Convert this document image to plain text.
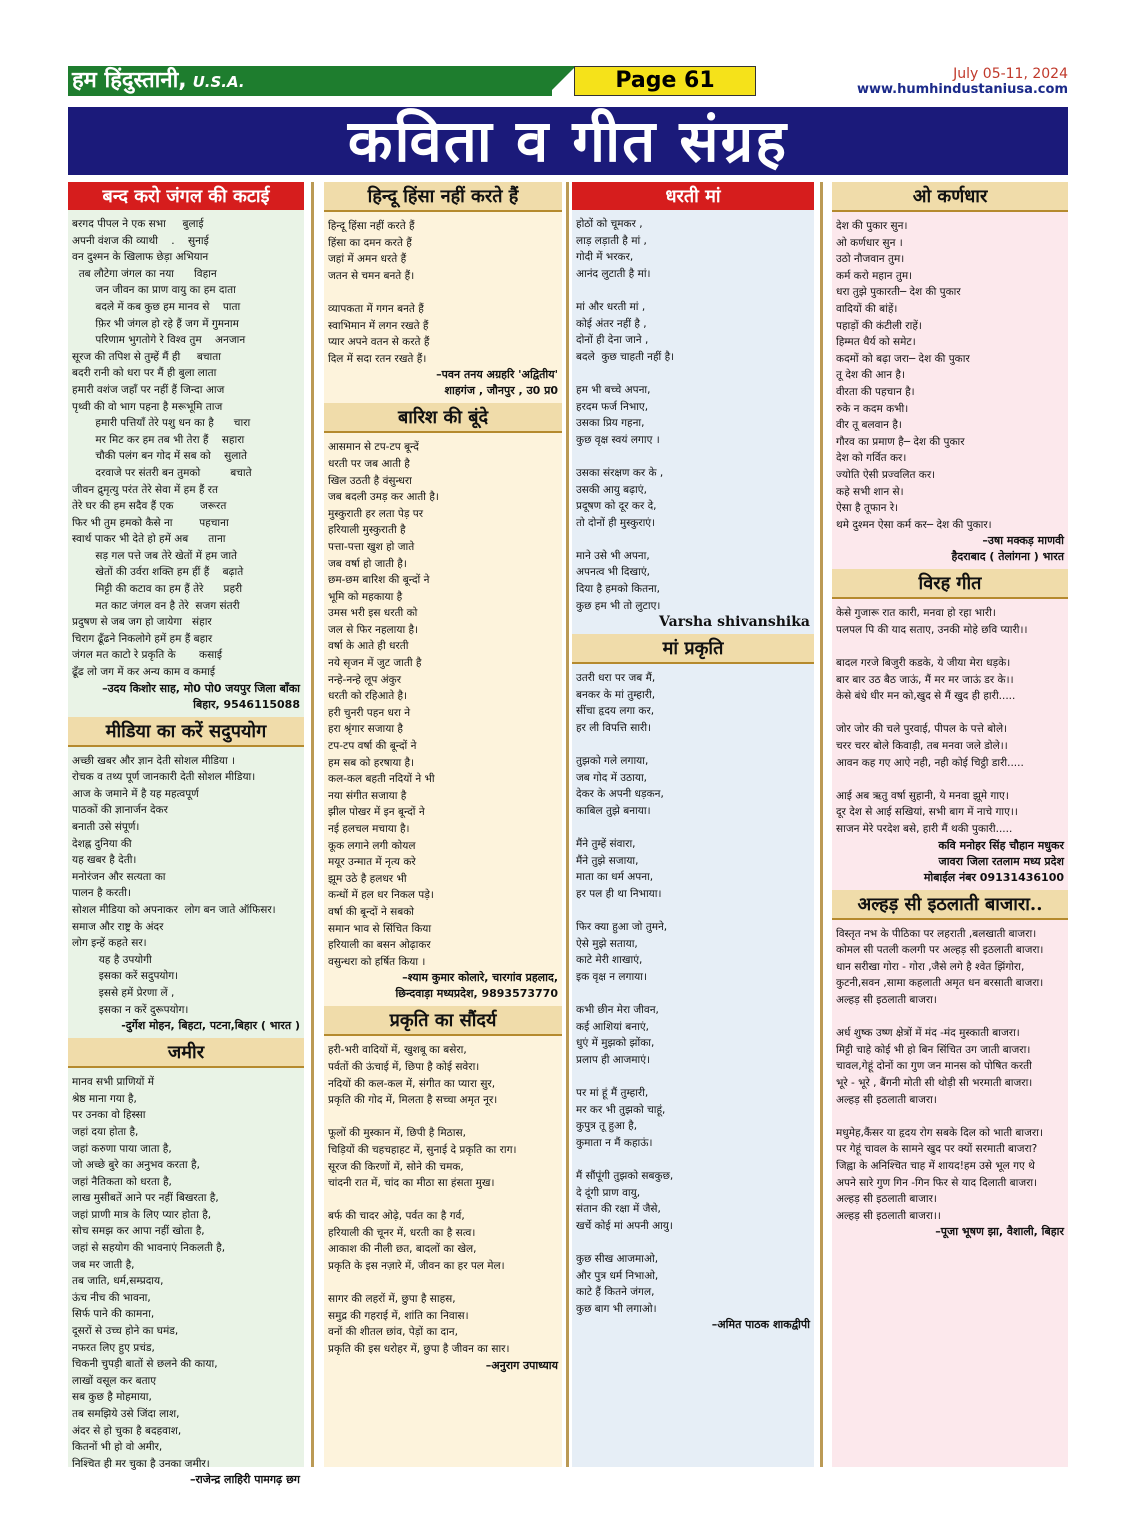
हम हिंदुस्तानी, U.S.A.	Page 61	July 05-11, 2024
www.humhindustaniusa.com
कविता व गीत संग्रह
बन्द करो जंगल की कटाई
बरगद पीपल ने एक सभा     बुलाई
अपनी वंशज की व्याथी    .    सुनाई
वन दुश्मन के खिलाफ छेड़ा अभियान
तब लौटेगा जंगल का नया      विहान
जन जीवन का प्राण वायु का हम दाता
बदले में कब कुछ हम मानव से    पाता
फ़िर भी जंगल हो रहे हैं जग में गुमनाम
परिणाम भुगतोगे रे विश्व तुम    अनजान
सूरज की तपिश से तुम्हें मैं ही     बचाता
बदरी रानी को धरा पर मैं ही बुला लाता
हमारी वशंज जहाँ पर नहीं हैं जिन्दा आज
पृथ्वी की वो भाग पहना है मरूभूमि ताज
हमारी पत्तियाँ तेरे पशु धन का है      चारा
मर मिट कर हम तब भी तेरा हैं    सहारा
चौकी पलंग बन गोद में सब को    सुलाते
दरवाजे पर संतरी बन तुमको         बचाते
जीवन द्रुमृत्यु परंत तेरे सेवा में हम हैं रत
तेरे घर की हम सदैव हैं एक        जरूरत
फिर भी तुम हमको कैसे ना        पहचाना
स्वार्थ पाकर भी देते हो हमें अब      ताना
सड़ गल पत्ते जब तेरे खेतों में हम जाते
खेतों की उर्वरा शक्ति हम हीं हैं    बढ़ाते
मिट्टी की कटाव का हम हैं तेरे      प्रहरी
मत काट जंगल वन है तेरे  सजग संतरी
प्रदुषण से जब जग हो जायेगा   संहार
चिराग ढूँढने निकलोगे हमें हम हैं बहार
जंगल मत काटो रे प्रकृति के       कसाई
ढूँढ लो जग में कर अन्य काम व कमाई
–उदय किशोर साह, मो0 पो0 जयपुर जिला बाँका बिहार, 9546115088
मीडिया का करें सदुपयोग
अच्छी खबर और ज्ञान देती सोशल मीडिया ।
रोचक व तथ्य पूर्ण जानकारी देती सोशल मीडिया।
आज के जमाने में है यह महत्वपूर्ण
पाठकों की ज्ञानार्जन देकर
बनाती उसे संपूर्ण।
देशह्न दुनिया की
यह खबर है देती।
मनोरंजन और सत्यता का
पालन है करती।
सोशल मीडिया को अपनाकर  लोग बन जाते ऑफिसर।
समाज और राष्ट्र के अंदर
लोग इन्हें कहते सर।
यह है उपयोगी
इसका करें सदुपयोग।
इससे हमें प्रेरणा लें ,
इसका न करें दुरूपयोग।
-दुर्गेश मोहन, बिहटा, पटना,बिहार ( भारत )
जमीर
मानव सभी प्राणियों में
श्रेष्ठ माना गया है,
पर उनका वो हिस्सा
जहां दया होता है,
जहां करुणा पाया जाता है,
जो अच्छे बुरे का अनुभव करता है,
जहां नैतिकता को धरता है,
लाख मुसीबतें आने पर नहीं बिखरता है,
जहां प्राणी मात्र के लिए प्यार होता है,
सोच समझ कर आपा नहीं खोता है,
जहां से सहयोग की भावनाएं निकलती है,
जब मर जाती है,
तब जाति, धर्म,सम्प्रदाय,
ऊंच नीच की भावना,
सिर्फ पाने की कामना,
दूसरों से उच्च होने का घमंड,
नफरत लिए हुए प्रचंड,
चिकनी चुपड़ी बातों से छलने की काया,
लाखों वसूल कर बताए
सब कुछ है मोहमाया,
तब समझिये उसे जिंदा लाश,
अंदर से हो चुका है बदहवाश,
कितनों भी हो वो अमीर,
निश्चित ही मर चुका है उनका जमीर।
–राजेन्द्र लाहिरी पामगढ़ छग
हिन्दू हिंसा नहीं करते हैं
हिन्दू हिंसा नहीं करते हैं
हिंसा का दमन करते हैं
जहां में अमन धरते हैं
जतन से चमन बनते हैं।

व्यापकता में गगन बनते हैं
स्वाभिमान में लगन रखते हैं
प्यार अपने वतन से करते हैं
दिल में सदा रतन रखते हैं।
–पवन तनय अग्रहरि 'अद्वितीय'
शाहगंज , जौनपुर , उ0 प्र0
बारिश की बूंदे
आसमान से टप-टप बून्दें
धरती पर जब आती है
खिल उठती है वंसुन्धरा
जब बदली उमड़ कर आती है।
मुस्कुराती हर लता पेड़ पर
हरियाली मुस्कुराती है
पत्ता-पत्ता खुश हो जाते
जब वर्षा हो जाती है।
छम-छम बारिश की बून्दों ने
भूमि को महकाया है
उमस भरी इस धरती को
जल से फिर नहलाया है।
वर्षा के आते ही धरती
नये सृजन में जुट जाती है
नन्हे-नन्हे लूप अंकुर
धरती को रहिआते है।
हरी चुनरी पहन धरा ने
हरा श्रृंगार सजाया है
टप-टप वर्षा की बून्दों ने
हम सब को हरषाया है।
कल-कल बहती नदियों ने भी
नया संगीत सजाया है
झील पोखर में इन बून्दों ने
नई हलचल मचाया है।
कूक लगाने लगी कोयल
मयूर उन्मात में नृत्य करे
झूम उठे है हलधर भी
कन्धों में हल धर निकल पड़े।
वर्षा की बून्दों ने सबको
समान भाव से सिंचित किया
हरियाली का बसन ओढ़ाकर
वसुन्धरा को हर्षित किया ।
–श्याम कुमार कोलारे, चारगांव प्रहलाद,
छिन्दवाड़ा मध्यप्रदेश, 9893573770
प्रकृति का सौंदर्य
हरी-भरी वादियों में, खुशबू का बसेरा,
पर्वतों की ऊंचाई में, छिपा है कोई सवेरा।
नदियों की कल-कल में, संगीत का प्यारा सुर,
प्रकृति की गोद में, मिलता है सच्चा अमृत नूर।

फूलों की मुस्कान में, छिपी है मिठास,
चिड़ियों की चहचहाहट में, सुनाई दे प्रकृति का राग।
सूरज की किरणों में, सोने की चमक,
चांदनी रात में, चांद का मीठा सा हंसता मुख।

बर्फ की चादर ओढ़े, पर्वत का है गर्व,
हरियाली की चूनर में, धरती का है सत्व।
आकाश की नीली छत, बादलों का खेल,
प्रकृति के इस नज़ारे में, जीवन का हर पल मेल।

सागर की लहरों में, छुपा है साहस,
समुद्र की गहराई में, शांति का निवास।
वनों की शीतल छांव, पेड़ों का दान,
प्रकृति की इस धरोहर में, छुपा है जीवन का सार।
–अनुराग उपाध्याय
धरती मां
होठों को चूमकर ,
लाड़ लड़ाती है मां ,
गोदी में भरकर,
आनंद लुटाती है मां।

मां और धरती मां ,
कोई अंतर नहीं है ,
दोनों ही देना जाने ,
बदले  कुछ चाहती नहीं है।

हम भी बच्चे अपना,
हरदम फर्ज निभाए,
उसका प्रिय गहना,
कुछ वृक्ष स्वयं लगाए ।

उसका संरक्षण कर के ,
उसकी आयु बढ़ाएं,
प्रदूषण को दूर कर दे,
तो दोनों ही मुस्कुराएं।

माने उसे भी अपना,
अपनत्व भी दिखाएं,
दिया है हमको कितना,
कुछ हम भी तो लुटाए।
Varsha shivanshika
मां प्रकृति
उतरी धरा पर जब मैं,
बनकर के मां तुम्हारी,
सींचा हृदय लगा कर,
हर ली विपत्ति सारी।

तुझको गले लगाया,
जब गोद में उठाया,
देकर के अपनी धड़कन,
काबिल तुझे बनाया।

मैंने तुम्हें संवारा,
मैंने तुझे सजाया,
माता का धर्म अपना,
हर पल ही था निभाया।

फिर क्या हुआ जो तुमने,
ऐसे मुझे सताया,
काटे मेरी शाखाएं,
इक वृक्ष न लगाया।

कभी छीन मेरा जीवन,
कई आशियां बनाएं,
धुएं में मुझको झोंका,
प्रलाप ही आजमाएं।

पर मां हूं मैं तुम्हारी,
मर कर भी तुझको चाहूं,
कुपुत्र तू हुआ है,
कुमाता न मैं कहाऊं।

मैं सौंपूंगी तुझको सबकुछ,
दे दूंगी प्राण वायु,
संतान की रक्षा में जैसे,
खर्चे कोई मां अपनी आयु।

कुछ सीख आजमाओ,
और पुत्र धर्म निभाओ,
काटे हैं कितने जंगल,
कुछ बाग भी लगाओ।
–अमित पाठक शाकद्वीपी
ओ कर्णधार
देश की पुकार सुन।
ओ कर्णधार सुन ।
उठो नौजवान तुम।
कर्म करो महान तुम।
धरा तुझे पुकारती─ देश की पुकार
वादियों की बांहें।
पहाड़ों की कंटीली राहें।
हिम्मत धैर्य को समेट।
कदमों को बढ़ा जरा─ देश की पुकार
तू देश की आन है।
वीरता की पहचान है।
रुके न कदम कभी।
वीर तू बलवान है।
गौरव का प्रमाण है─ देश की पुकार
देश को गर्वित कर।
ज्योति ऐसी प्रज्वलित कर।
कहे सभी शान से।
ऐसा है तूफान रे।
थमे दुश्मन ऐसा कर्म कर─ देश की पुकार।
–उषा मक्कड़ माणवी
हैदराबाद ( तेलांगना ) भारत
विरह गीत
केसे गुजारू रात कारी, मनवा हो रहा भारी।
पलपल पि की याद सताए, उनकी मोहे छवि प्यारी।।

बादल गरजे बिजुरी कडके, ये जीया मेरा धड़के।
बार बार उठ बैठ जाऊं, मैं मर मर जाऊं डर के।।
केसे बंधे धीर मन को,खुद से मैं खुद ही हारी.....

जोर जोर की चले पुरवाई, पीपल के पत्ते बोले।
चरर चरर बोले किवाड़ी, तब मनवा जले डोले।।
आवन कह गए आऐ नही, नही कोई चिट्ठी डारी.....

आई अब ऋतु वर्षा सुहानी, ये मनवा झूमे गाए।
दूर देश से आई सखियां, सभी बाग में नाचे गाए।।
साजन मेरे परदेश बसे, हारी मैं थकी पुकारी.....
कवि मनोहर सिंह चौहान मधुकर
जावरा जिला रतलाम मध्य प्रदेश
मोबाईल नंबर 09131436100
अल्हड़ सी इठलाती बाजारा..
विस्तृत नभ के पीठिका पर लहराती ,बलखाती बाजरा।
कोमल सी पतली कलगी पर अल्हड़ सी इठलाती बाजरा।
धान सरीखा गोरा - गोरा ,जैसे लगे है श्वेत झिंगोरा,
कुटनी,सवन ,सामा कहलाती अमृत धन बरसाती बाजरा।
अल्हड़ सी इठलाती बाजरा।

अर्ध शुष्क उष्ण क्षेत्रों में मंद -मंद मुस्काती बाजरा।
मिट्टी चाहे कोई भी हो बिन सिंचित उग जाती बाजरा।
चावल,गेहूं दोनों का गुण जन मानस को पोषित करती
भूरे - भूरे , बैंगनी मोती सी थोड़ी सी भरमाती बाजरा।
अल्हड़ सी इठलाती बाजरा।

मधुमेह,कैंसर या हृदय रोग सबके दिल को भाती बाजरा।
पर गेहूं चावल के सामने खुद पर क्यों सरमाती बाजरा?
जिह्वा के अनिश्चित चाह में शायद!हम उसे भूल गए थे
अपने सारे गुण गिन -गिन फिर से याद दिलाती बाजरा।
अल्हड़ सी इठलाती बाजार।
अल्हड़ सी इठलाती बाजरा।।
–पूजा भूषण झा, वैशाली, बिहार
